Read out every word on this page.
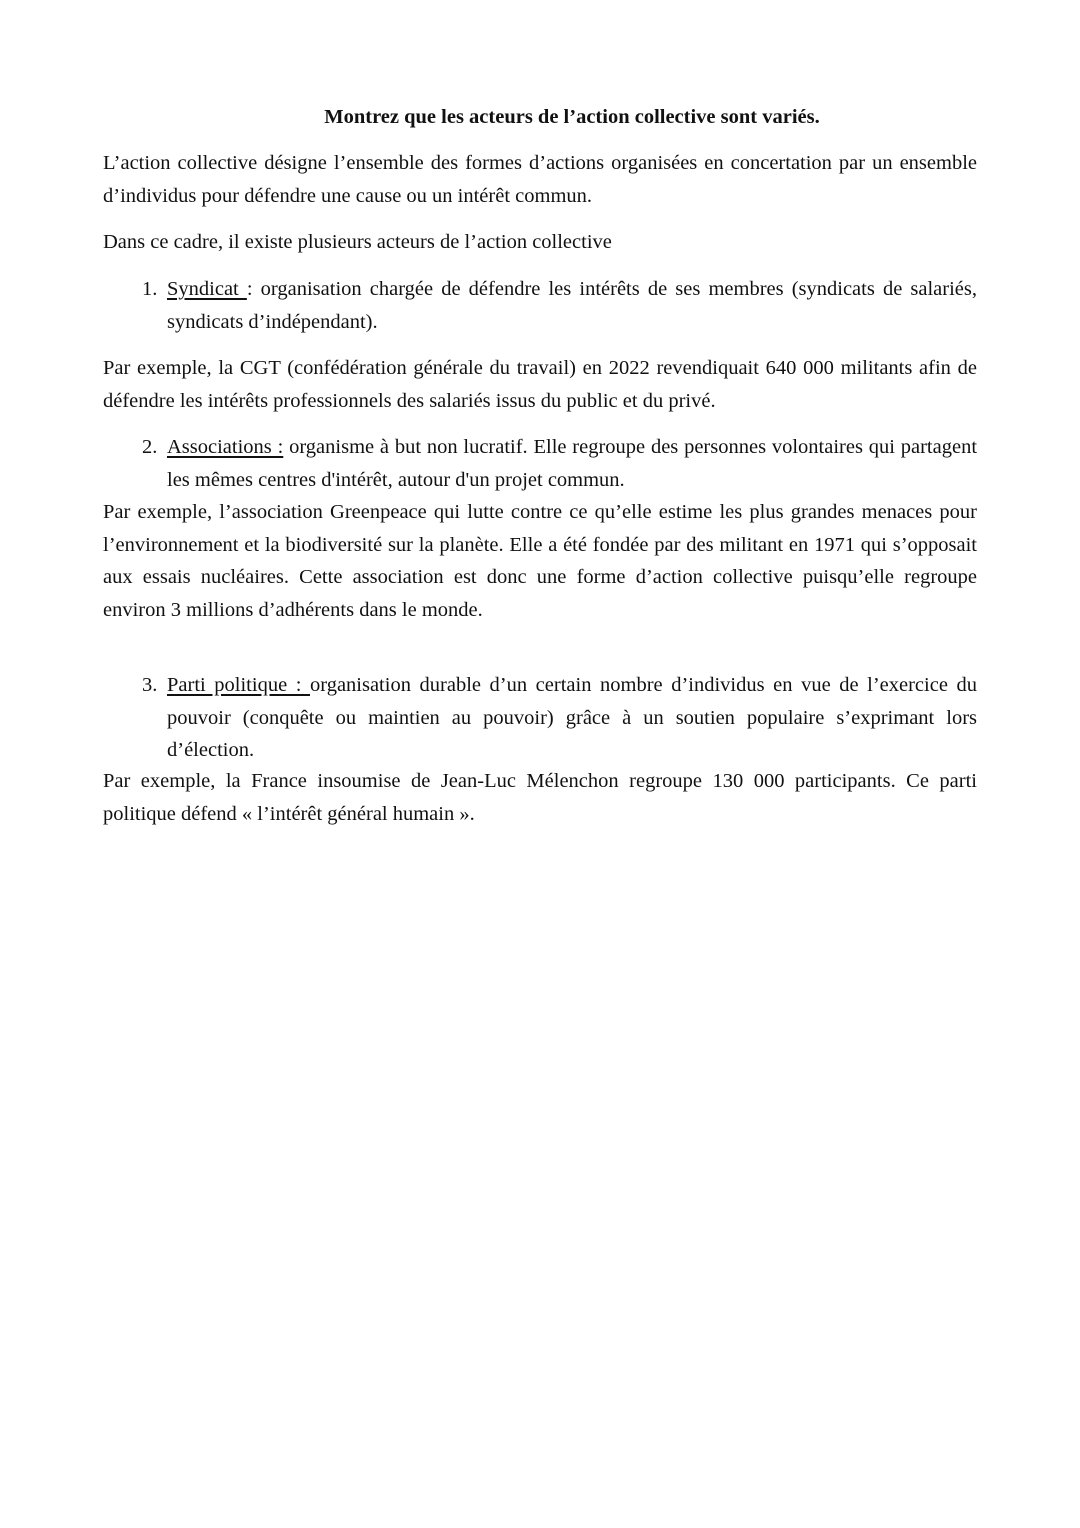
Montrez que les acteurs de l’action collective sont variés.
L’action collective désigne l’ensemble des formes d’actions organisées en concertation par un ensemble d’individus pour défendre une cause ou un intérêt commun.
Dans ce cadre, il existe plusieurs acteurs de l’action collective
1. Syndicat : organisation chargée de défendre les intérêts de ses membres (syndicats de salariés, syndicats d’indépendant).
Par exemple, la CGT (confédération générale du travail) en 2022 revendiquait 640 000 militants afin de défendre les intérêts professionnels des salariés issus du public et du privé.
2. Associations : organisme à but non lucratif. Elle regroupe des personnes volontaires qui partagent les mêmes centres d'intérêt, autour d'un projet commun.
Par exemple, l’association Greenpeace qui lutte contre ce qu’elle estime les plus grandes menaces pour l’environnement et la biodiversité sur la planète. Elle a été fondée par des militant en 1971 qui s’opposait aux essais nucléaires. Cette association est donc une forme d’action collective puisqu’elle regroupe environ 3 millions d’adhérents dans le monde.
3. Parti politique : organisation durable d’un certain nombre d’individus en vue de l’exercice du pouvoir (conquête ou maintien au pouvoir) grâce à un soutien populaire s’exprimant lors d’élection.
Par exemple, la France insoumise de Jean-Luc Mélenchon regroupe 130 000 participants. Ce parti politique défend « l’intérêt général humain ».
